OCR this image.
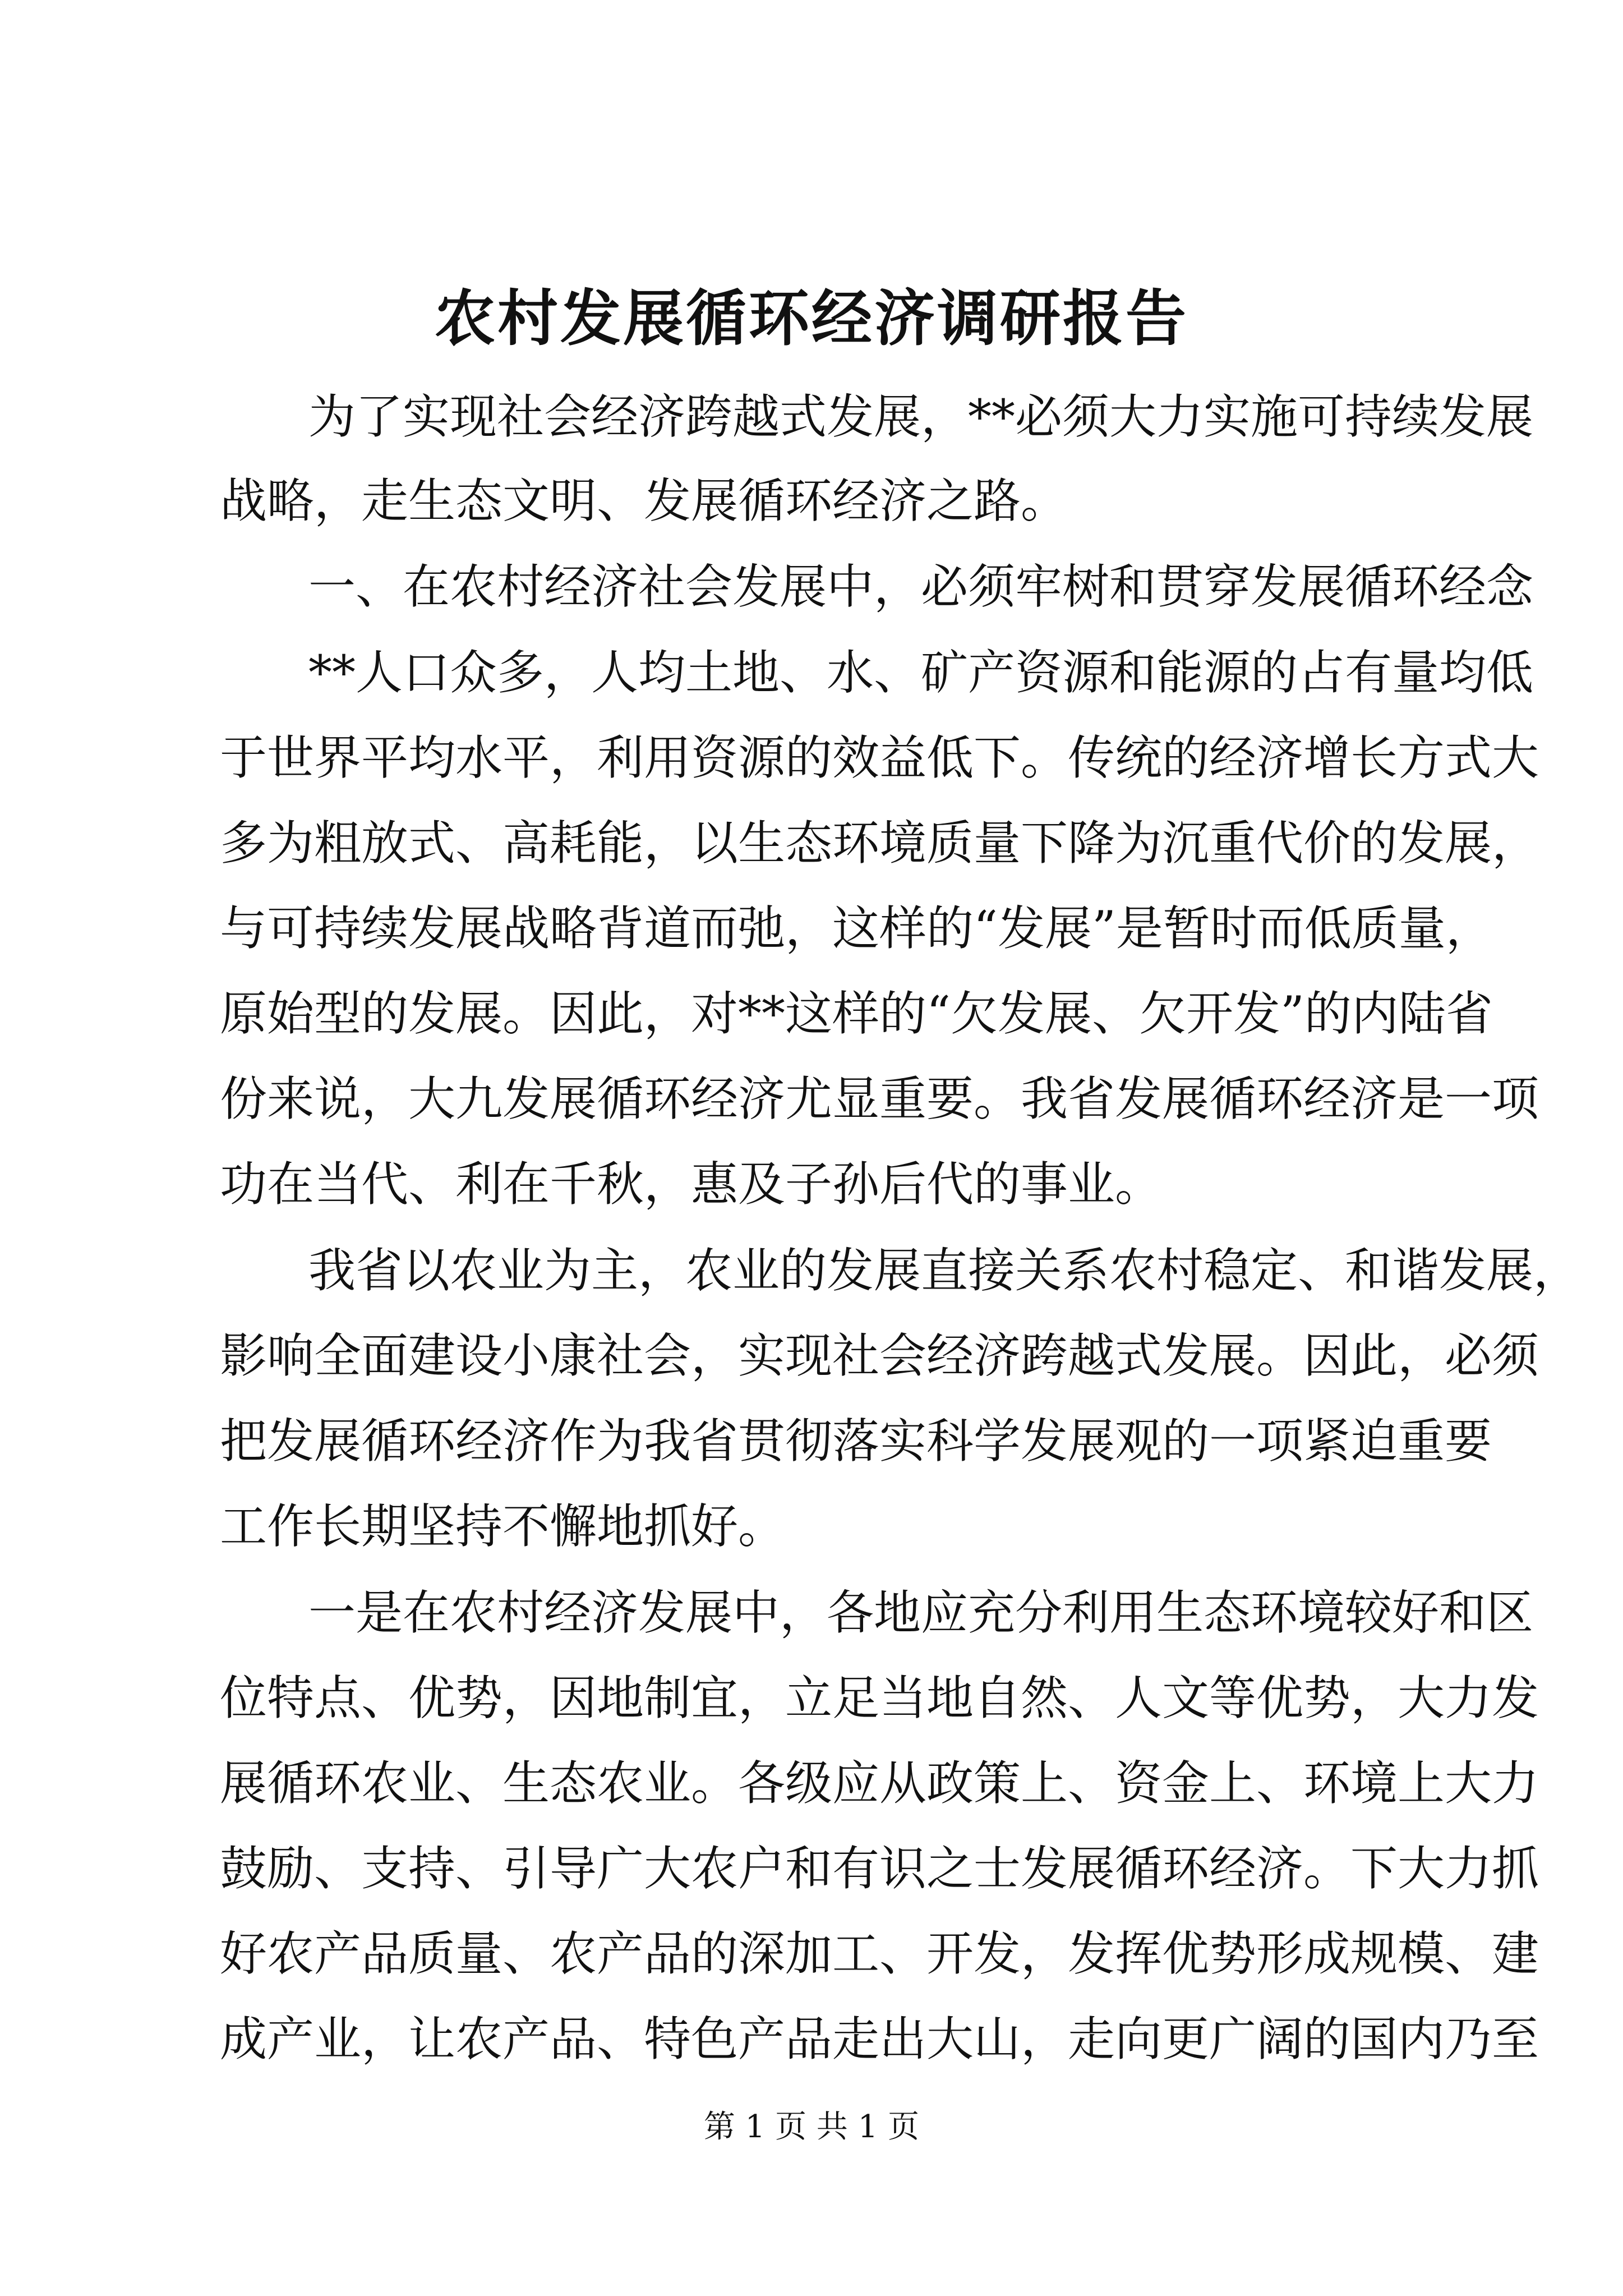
农村发展循环经济调研报告

为了实现社会经济跨越式发展，**必须大力实施可持续发展

战略，走生态文明、发展循环经济之路。

一、在农村经济社会发展中，必须牢树和贯穿发展循环经念

**人口众多，人均土地、水、矿产资源和能源的占有量均低

于世界平均水平，利用资源的效益低下。传统的经济增长方式大

多为粗放式、高耗能，以生态环境质量下降为沉重代价的发展，

与可持续发展战略背道而弛，这样的“发展”是暂时而低质量，

原始型的发展。因此，对**这样的“欠发展、欠开发”的内陆省

份来说，大九发展循环经济尤显重要。我省发展循环经济是一项

功在当代、利在千秋，惠及子孙后代的事业。

我省以农业为主，农业的发展直接关系农村稳定、和谐发展，

影响全面建设小康社会，实现社会经济跨越式发展。因此，必须

把发展循环经济作为我省贯彻落实科学发展观的一项紧迫重要

工作长期坚持不懈地抓好。

一是在农村经济发展中，各地应充分利用生态环境较好和区

位特点、优势，因地制宜，立足当地自然、人文等优势，大力发

展循环农业、生态农业。各级应从政策上、资金上、环境上大力

鼓励、支持、引导广大农户和有识之士发展循环经济。下大力抓

好农产品质量、农产品的深加工、开发，发挥优势形成规模、建

成产业，让农产品、特色产品走出大山，走向更广阔的国内乃至

第 1 页 共 1 页
